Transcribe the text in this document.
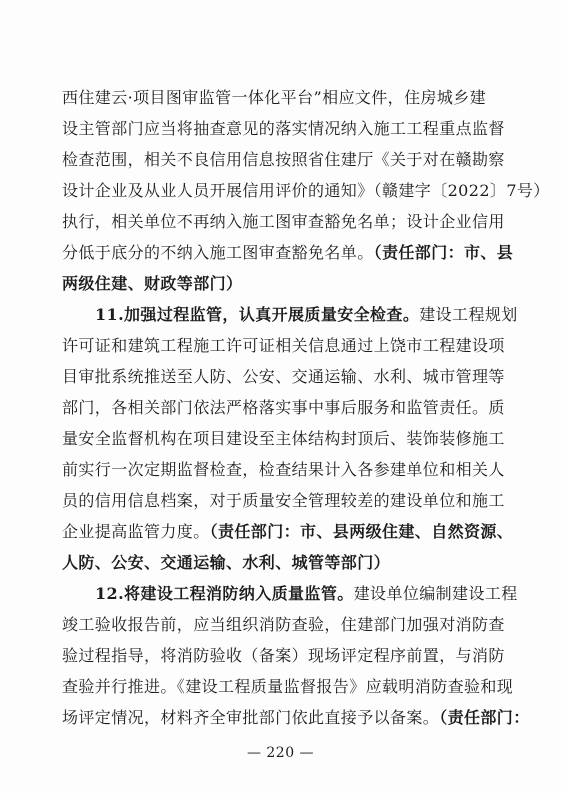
西住建云·项目图审监管一体化平台”相应文件，住房城乡建
设主管部门应当将抽查意见的落实情况纳入施工工程重点监督
检查范围，相关不良信用信息按照省住建厅《关于对在赣勘察
设计企业及从业人员开展信用评价的通知》（赣建字〔2022〕7号）
执行，相关单位不再纳入施工图审查豁免名单；设计企业信用
分低于底分的不纳入施工图审查豁免名单。（责任部门：市、县
两级住建、财政等部门）
11.加强过程监管，认真开展质量安全检查。建设工程规划
许可证和建筑工程施工许可证相关信息通过上饶市工程建设项
目审批系统推送至人防、公安、交通运输、水利、城市管理等
部门，各相关部门依法严格落实事中事后服务和监管责任。质
量安全监督机构在项目建设至主体结构封顶后、装饰装修施工
前实行一次定期监督检查，检查结果计入各参建单位和相关人
员的信用信息档案，对于质量安全管理较差的建设单位和施工
企业提高监管力度。（责任部门：市、县两级住建、自然资源、
人防、公安、交通运输、水利、城管等部门）
12.将建设工程消防纳入质量监管。建设单位编制建设工程
竣工验收报告前，应当组织消防查验，住建部门加强对消防查
验过程指导，将消防验收（备案）现场评定程序前置，与消防
— 220 —
查验并行推进。《建设工程质量监督报告》应载明消防查验和现
场评定情况，材料齐全审批部门依此直接予以备案。（责任部门：
